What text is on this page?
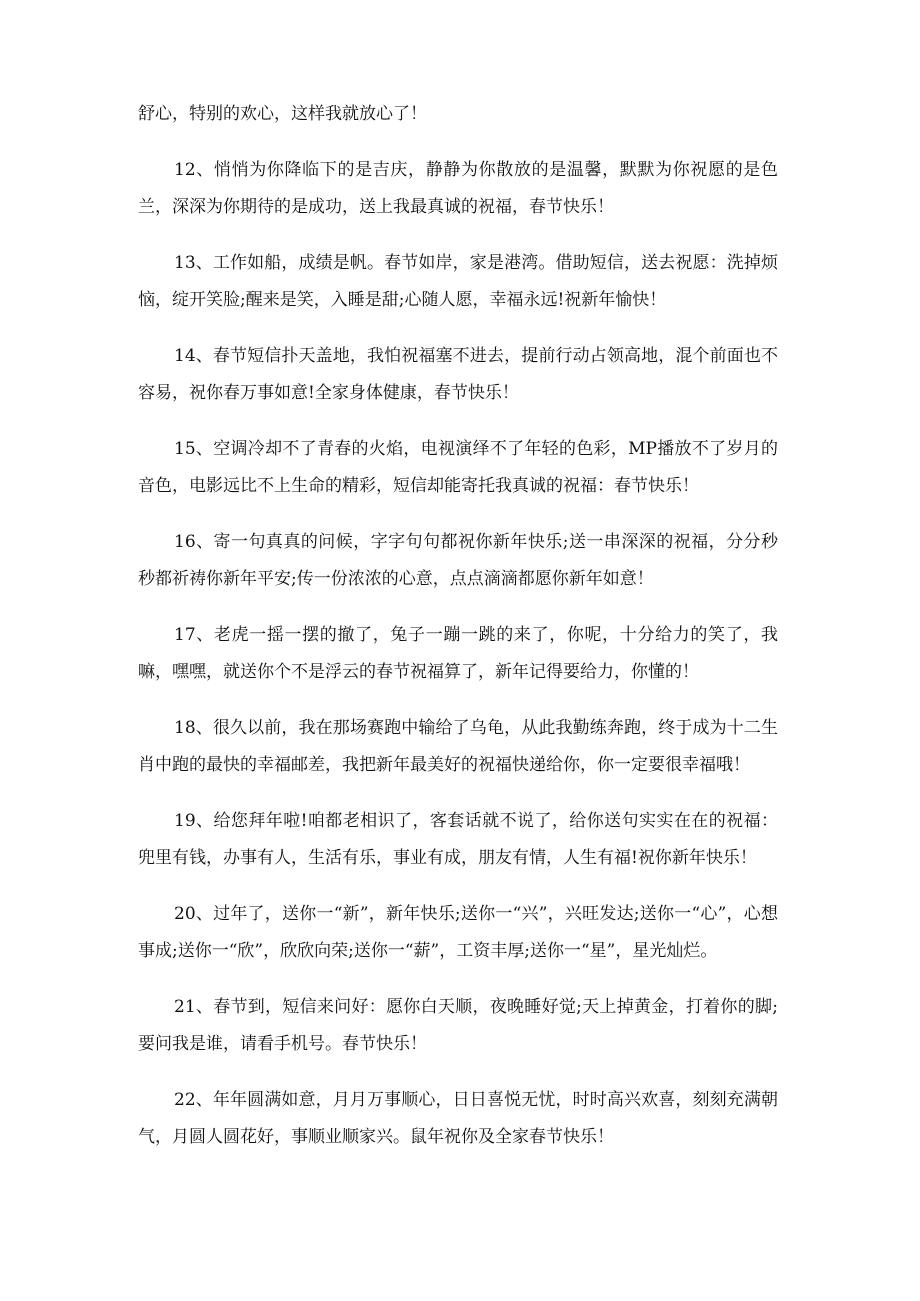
舒心，特别的欢心，这样我就放心了！

12、悄悄为你降临下的是吉庆，静静为你散放的是温馨，默默为你祝愿的是色兰，深深为你期待的是成功，送上我最真诚的祝福，春节快乐！

13、工作如船，成绩是帆。春节如岸，家是港湾。借助短信，送去祝愿：洗掉烦恼，绽开笑脸;醒来是笑，入睡是甜;心随人愿，幸福永远!祝新年愉快！

14、春节短信扑天盖地，我怕祝福塞不进去，提前行动占领高地，混个前面也不容易，祝你春万事如意!全家身体健康，春节快乐！

15、空调冷却不了青春的火焰，电视演绎不了年轻的色彩，MP播放不了岁月的音色，电影远比不上生命的精彩，短信却能寄托我真诚的祝福：春节快乐！

16、寄一句真真的问候，字字句句都祝你新年快乐;送一串深深的祝福，分分秒秒都祈祷你新年平安;传一份浓浓的心意，点点滴滴都愿你新年如意！

17、老虎一摇一摆的撤了，兔子一蹦一跳的来了，你呢，十分给力的笑了，我嘛，嘿嘿，就送你个不是浮云的春节祝福算了，新年记得要给力，你懂的！

18、很久以前，我在那场赛跑中输给了乌龟，从此我勤练奔跑，终于成为十二生肖中跑的最快的幸福邮差，我把新年最美好的祝福快递给你，你一定要很幸福哦！

19、给您拜年啦!咱都老相识了，客套话就不说了，给你送句实实在在的祝福：兜里有钱，办事有人，生活有乐，事业有成，朋友有情，人生有福!祝你新年快乐！

20、过年了，送你一“新”，新年快乐;送你一“兴”，兴旺发达;送你一“心”，心想事成;送你一“欣”，欣欣向荣;送你一“薪”，工资丰厚;送你一“星”，星光灿烂。

21、春节到，短信来问好：愿你白天顺，夜晚睡好觉;天上掉黄金，打着你的脚;要问我是谁，请看手机号。春节快乐！

22、年年圆满如意，月月万事顺心，日日喜悦无忧，时时高兴欢喜，刻刻充满朝气，月圆人圆花好，事顺业顺家兴。鼠年祝你及全家春节快乐！
